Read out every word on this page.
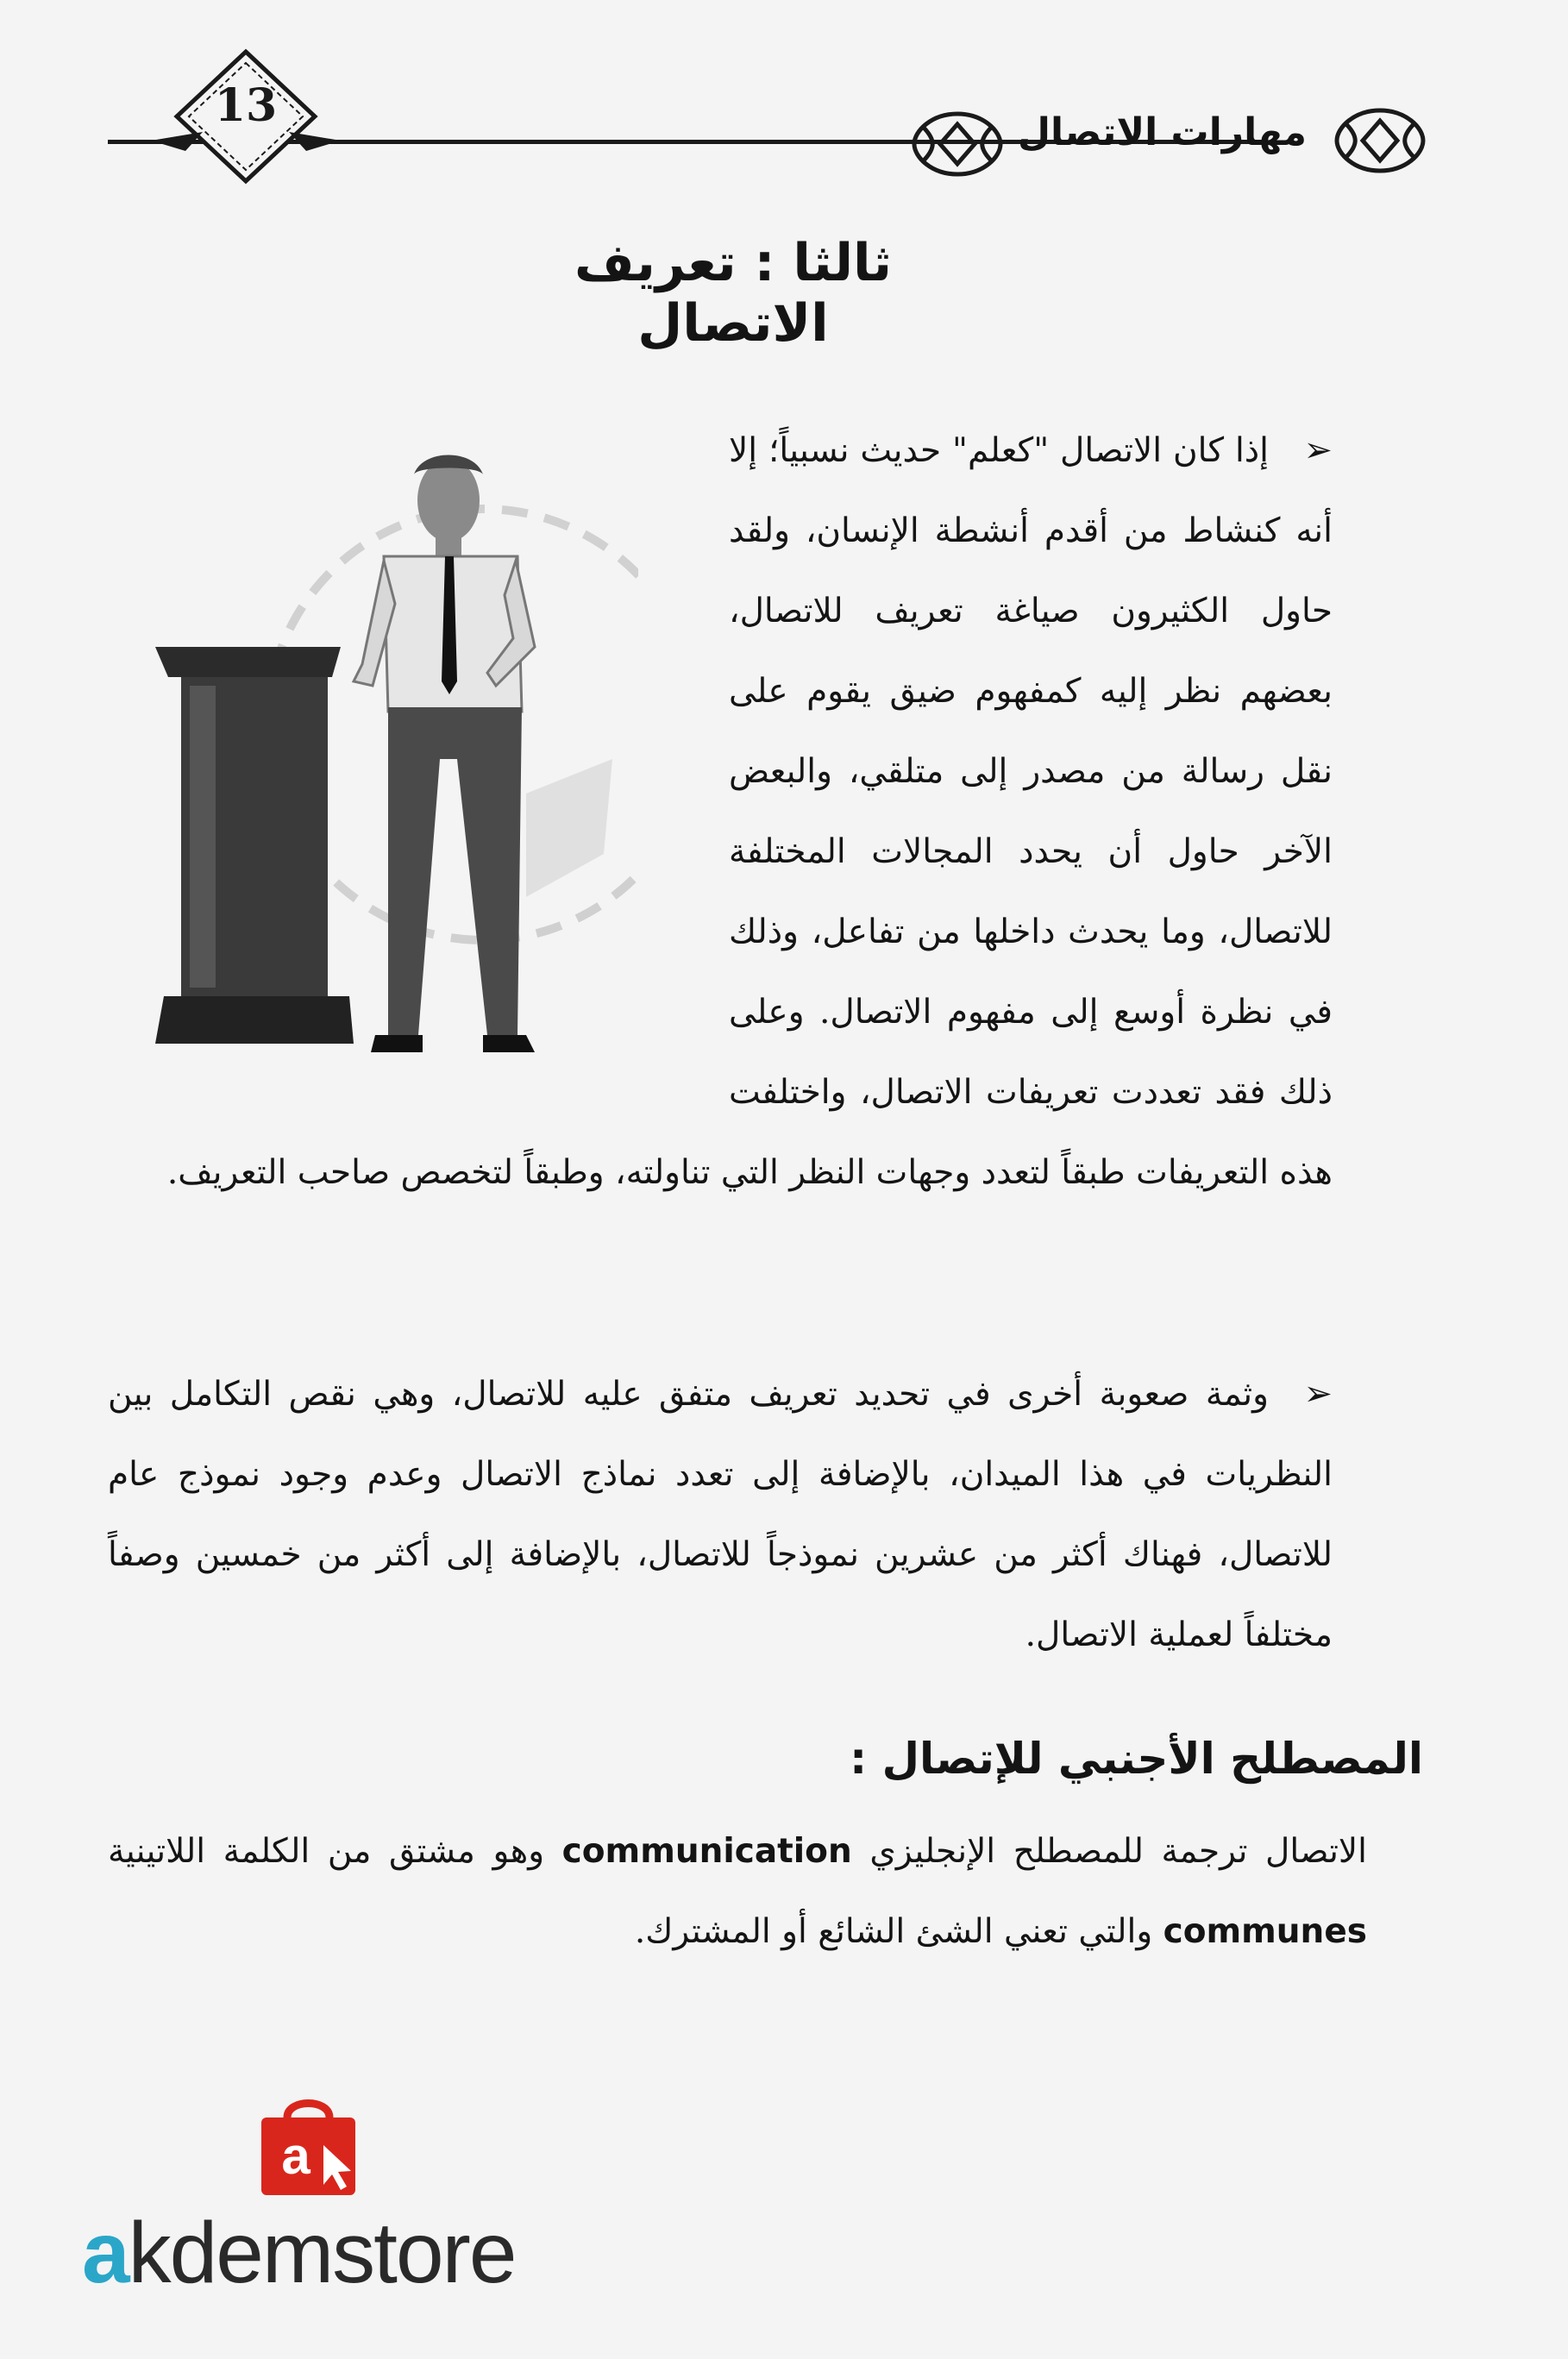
13
مهارات الاتصال
ثالثا : تعريف الاتصال
➢
إذا كان الاتصال "كعلم" حديث نسبياً؛ إلا أنه كنشاط من أقدم أنشطة الإنسان، ولقد حاول الكثيرون صياغة تعريف للاتصال، بعضهم نظر إليه كمفهوم ضيق يقوم على نقل رسالة من مصدر إلى متلقي، والبعض الآخر حاول أن يحدد المجالات المختلفة للاتصال، وما يحدث داخلها من تفاعل، وذلك في نظرة أوسع إلى مفهوم الاتصال. وعلى ذلك فقد تعددت تعريفات الاتصال، واختلفت هذه التعريفات طبقاً لتعدد وجهات النظر التي تناولته، وطبقاً لتخصص صاحب التعريف.
➢
وثمة صعوبة أخرى في تحديد تعريف متفق عليه للاتصال، وهي نقص التكامل بين النظريات في هذا الميدان، بالإضافة إلى تعدد نماذج الاتصال وعدم وجود نموذج عام للاتصال، فهناك أكثر من عشرين نموذجاً للاتصال، بالإضافة إلى أكثر من خمسين وصفاً مختلفاً لعملية الاتصال.
المصطلح الأجنبي للإتصال :
الاتصال ترجمة للمصطلح الإنجليزي communication وهو مشتق من الكلمة اللاتينية communes والتي تعني الشئ الشائع أو المشترك.
a
akdemstore
